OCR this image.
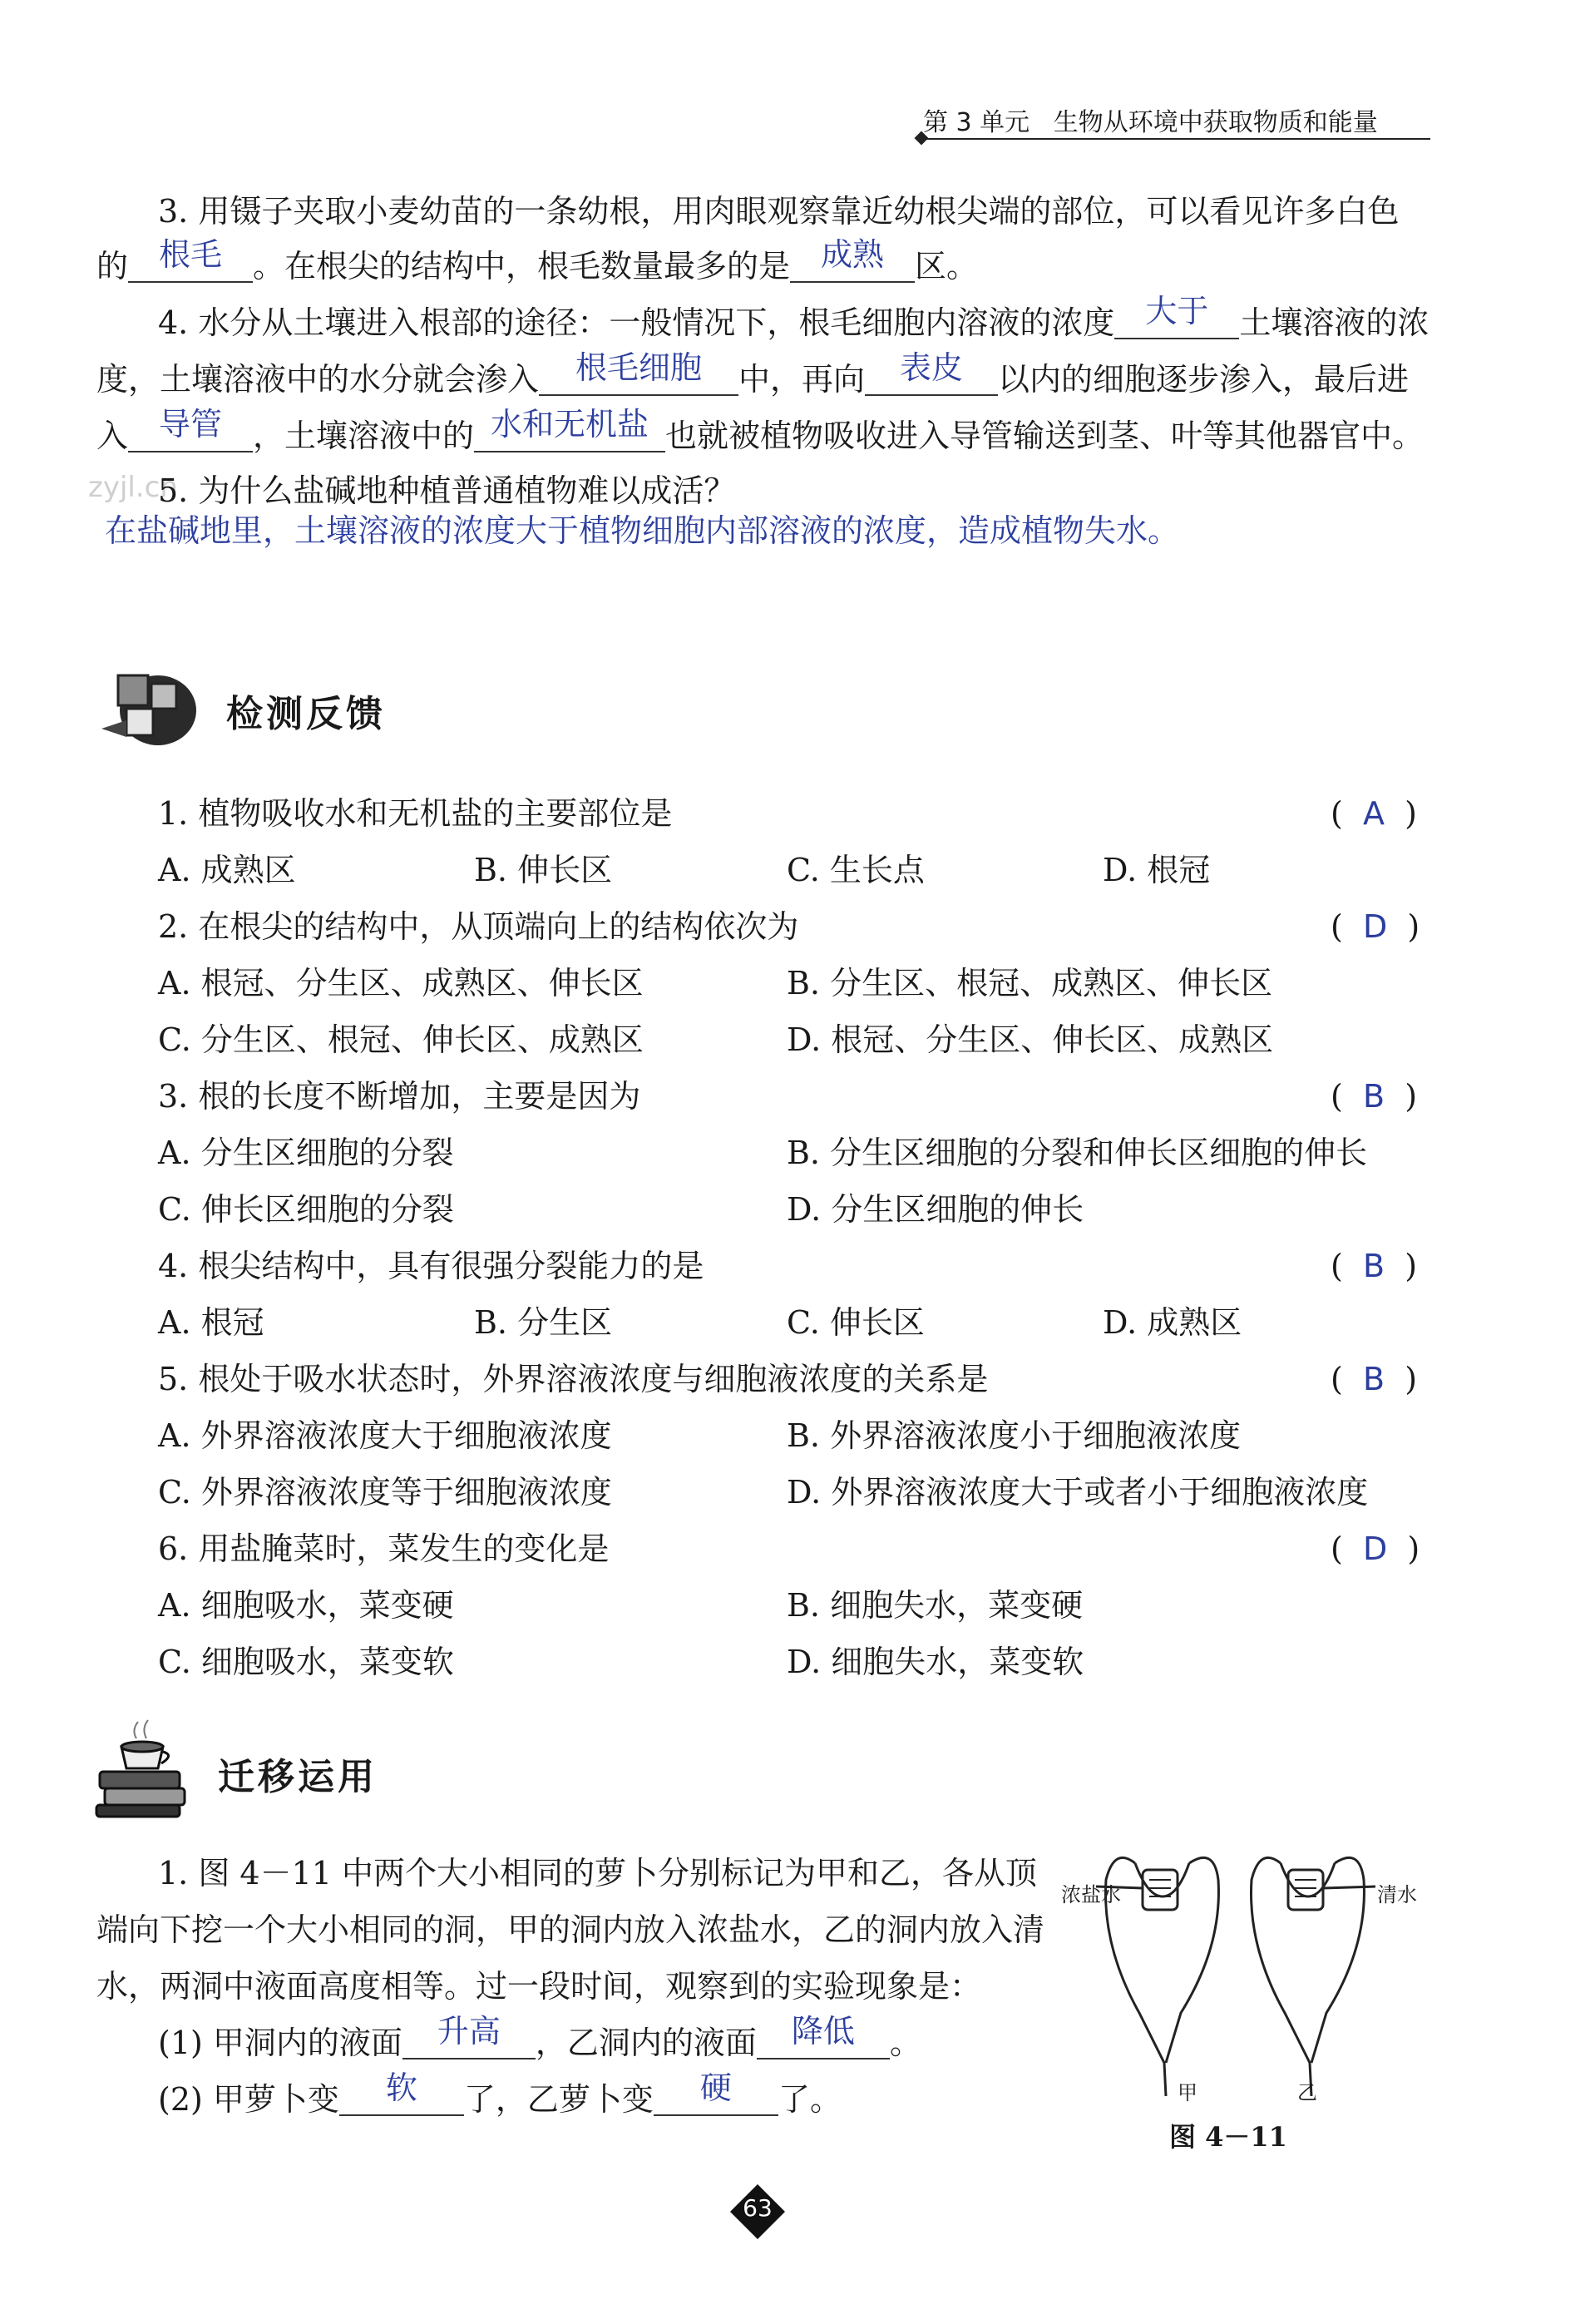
第 3 单元 生物从环境中获取物质和能量
3. 用镊子夹取小麦幼苗的一条幼根，用肉眼观察靠近幼根尖端的部位，可以看见许多白色
的 根毛 。在根尖的结构中，根毛数量最多的是 成熟 区。
4. 水分从土壤进入根部的途径：一般情况下，根毛细胞内溶液的浓度 大于 土壤溶液的浓
度，土壤溶液中的水分就会渗入 根毛细胞 中，再向 表皮 以内的细胞逐步渗入，最后进
入 导管 ，土壤溶液中的 水和无机盐 也就被植物吸收进入导管输送到茎、叶等其他器官中。
zyjl.cn
5. 为什么盐碱地种植普通植物难以成活？
在盐碱地里，土壤溶液的浓度大于植物细胞内部溶液的浓度，造成植物失水。
检测反馈
1. 植物吸收水和无机盐的主要部位是	(  A  )
A. 成熟区	B. 伸长区	C. 生长点	D. 根冠
2. 在根尖的结构中，从顶端向上的结构依次为	(  D  )
A. 根冠、分生区、成熟区、伸长区	B. 分生区、根冠、成熟区、伸长区
C. 分生区、根冠、伸长区、成熟区	D. 根冠、分生区、伸长区、成熟区
3. 根的长度不断增加，主要是因为	(  B  )
A. 分生区细胞的分裂	B. 分生区细胞的分裂和伸长区细胞的伸长
C. 伸长区细胞的分裂	D. 分生区细胞的伸长
4. 根尖结构中，具有很强分裂能力的是	(  B  )
A. 根冠	B. 分生区	C. 伸长区	D. 成熟区
5. 根处于吸水状态时，外界溶液浓度与细胞液浓度的关系是	(  B  )
A. 外界溶液浓度大于细胞液浓度	B. 外界溶液浓度小于细胞液浓度
C. 外界溶液浓度等于细胞液浓度	D. 外界溶液浓度大于或者小于细胞液浓度
6. 用盐腌菜时，菜发生的变化是	(  D  )
A. 细胞吸水，菜变硬	B. 细胞失水，菜变硬
C. 细胞吸水，菜变软	D. 细胞失水，菜变软
迁移运用
1. 图 4－11 中两个大小相同的萝卜分别标记为甲和乙，各从顶
端向下挖一个大小相同的洞，甲的洞内放入浓盐水，乙的洞内放入清
水，两洞中液面高度相等。过一段时间，观察到的实验现象是：
(1) 甲洞内的液面 升高 ，乙洞内的液面 降低 。
(2) 甲萝卜变 软 了，乙萝卜变 硬 了。
浓盐水	清水
甲	乙
图 4－11
63
